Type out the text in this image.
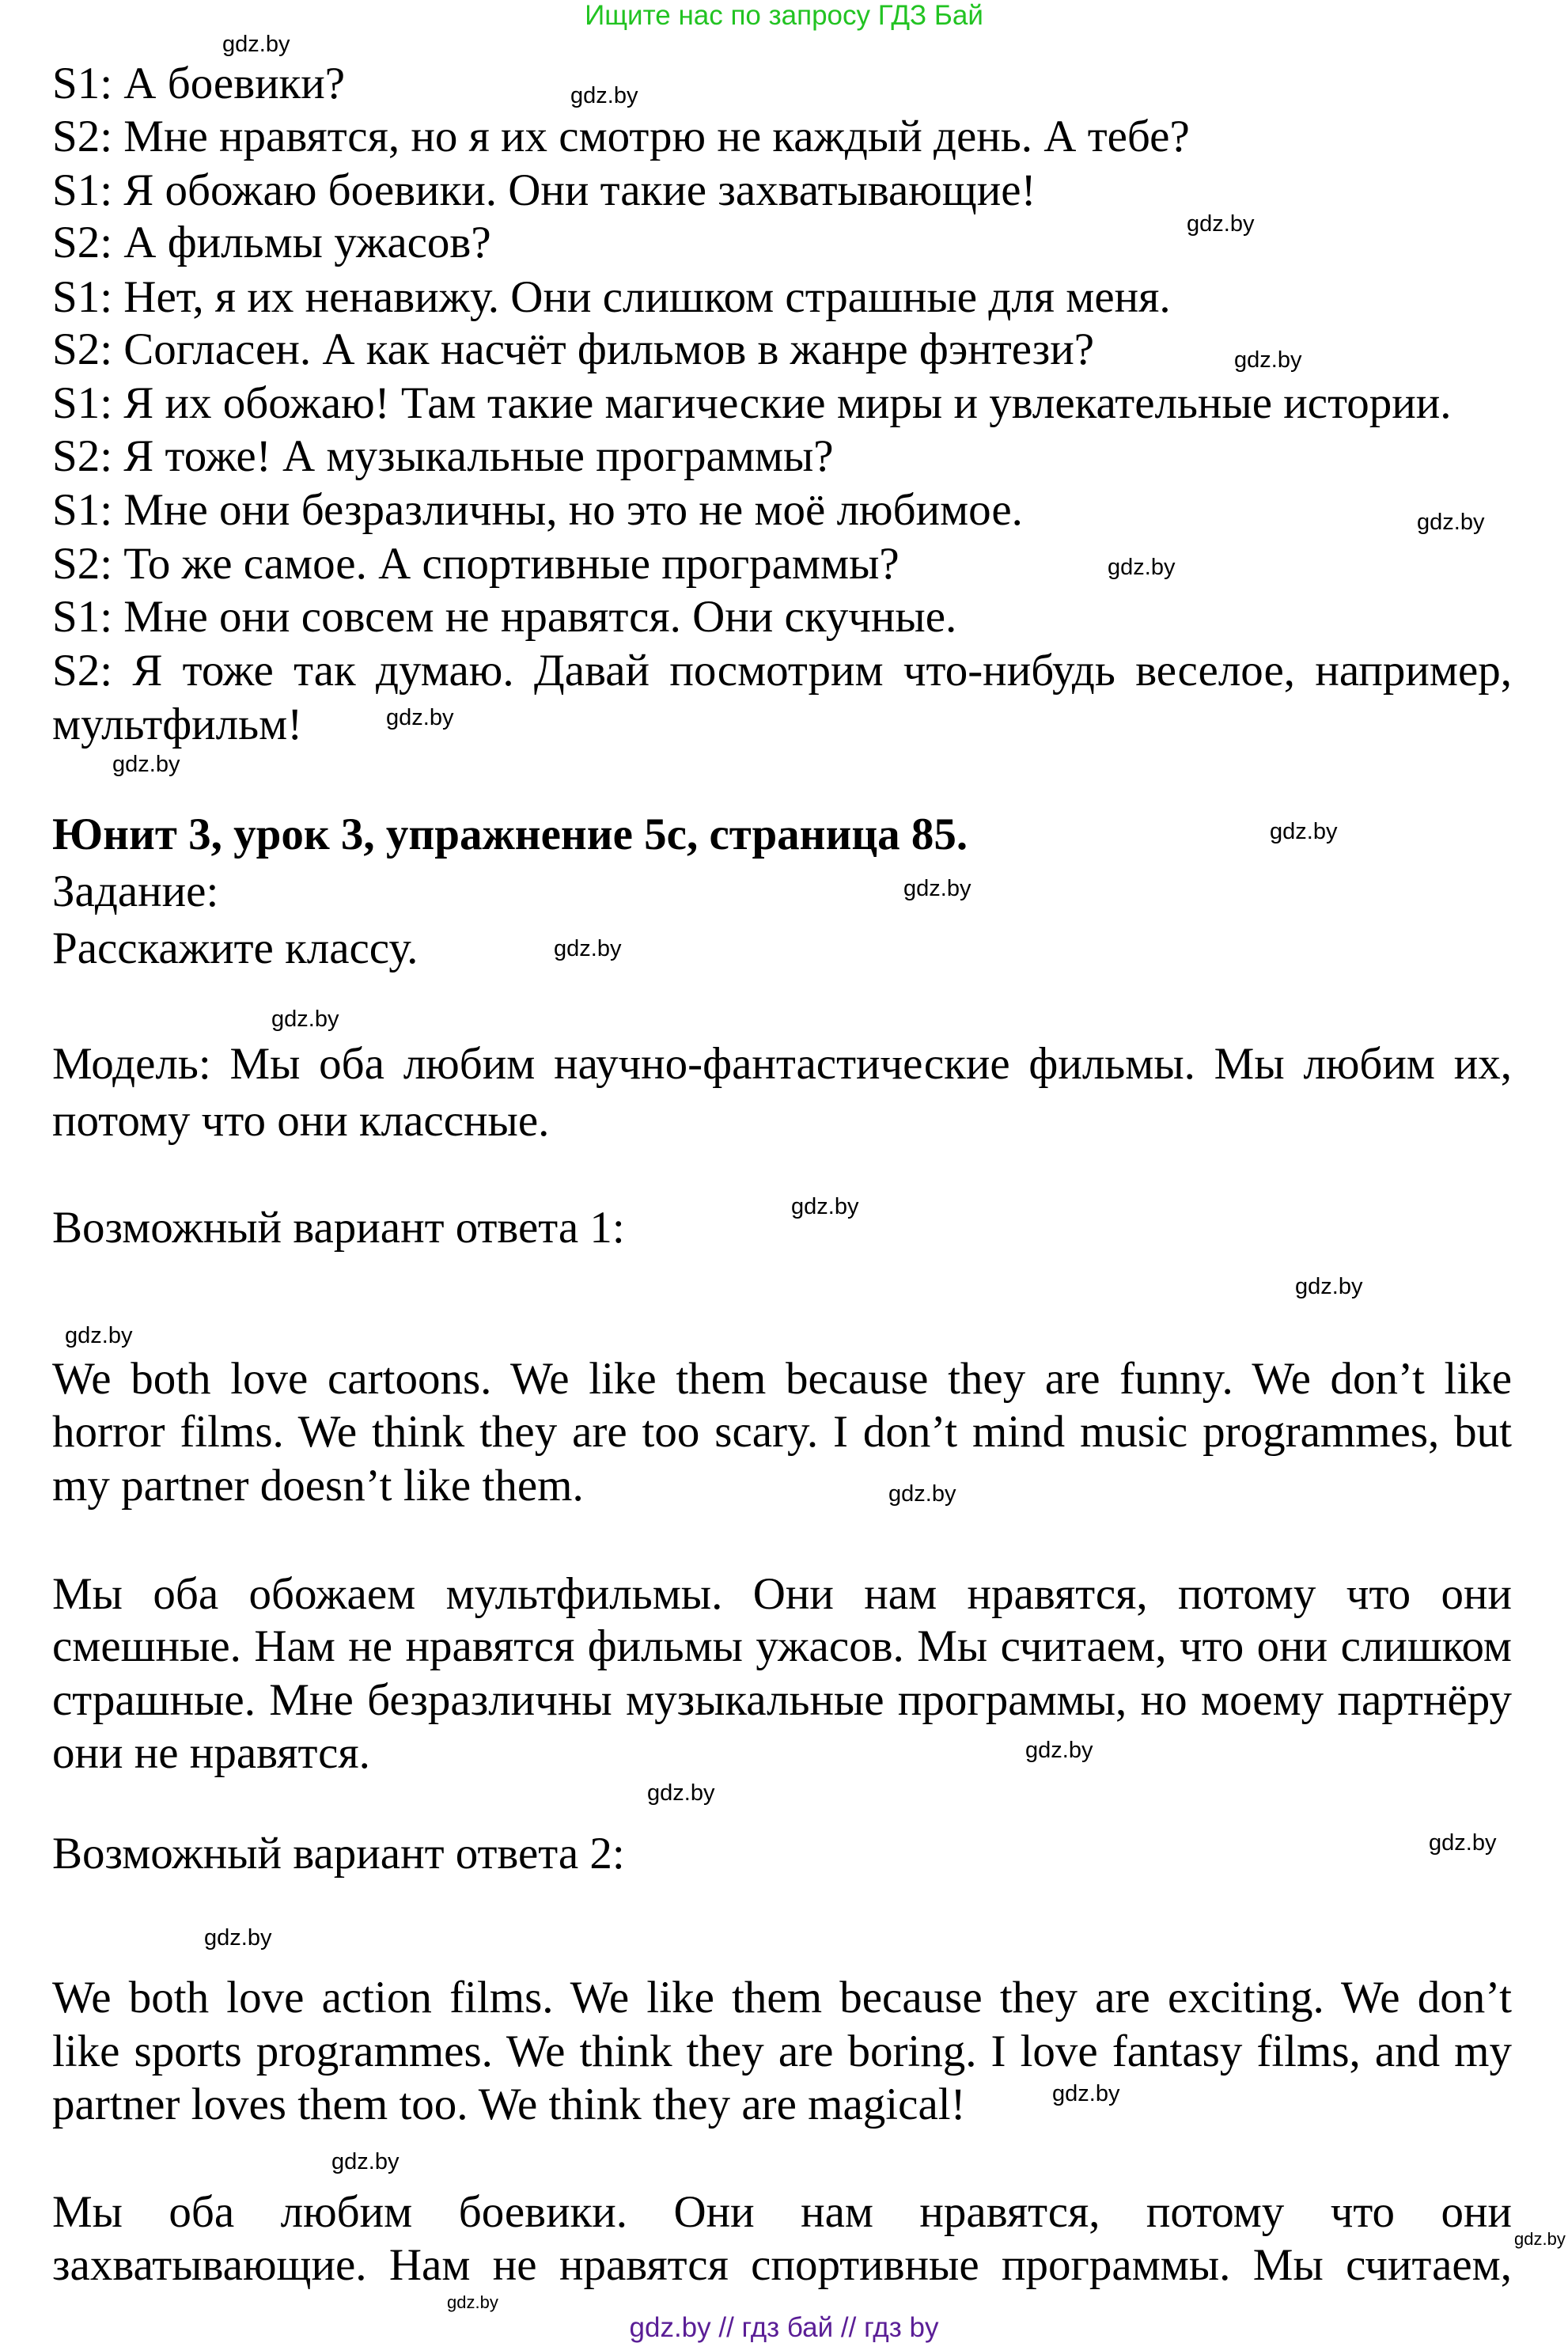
Ищите нас по запросу ГДЗ Бай
S1: А боевики?
S2: Мне нравятся, но я их смотрю не каждый день. А тебе?
S1: Я обожаю боевики. Они такие захватывающие!
S2: А фильмы ужасов?
S1: Нет, я их ненавижу. Они слишком страшные для меня.
S2: Согласен. А как насчёт фильмов в жанре фэнтези?
S1: Я их обожаю! Там такие магические миры и увлекательные истории.
S2: Я тоже! А музыкальные программы?
S1: Мне они безразличны, но это не моё любимое.
S2: То же самое. А спортивные программы?
S1: Мне они совсем не нравятся. Они скучные.
S2: Я тоже так думаю. Давай посмотрим что-нибудь веселое, например,
мультфильм!
Юнит 3, урок 3, упражнение 5c, страница 85.
Задание:
Расскажите классу.
Модель: Мы оба любим научно-фантастические фильмы. Мы любим их,
потому что они классные.
Возможный вариант ответа 1:
We both love cartoons. We like them because they are funny. We don’t like
horror films. We think they are too scary. I don’t mind music programmes, but
my partner doesn’t like them.
Мы оба обожаем мультфильмы. Они нам нравятся, потому что они
смешные. Нам не нравятся фильмы ужасов. Мы считаем, что они слишком
страшные. Мне безразличны музыкальные программы, но моему партнёру
они не нравятся.
Возможный вариант ответа 2:
We both love action films. We like them because they are exciting. We don’t
like sports programmes. We think they are boring. I love fantasy films, and my
partner loves them too. We think they are magical!
Мы оба любим боевики. Они нам нравятся, потому что они
захватывающие. Нам не нравятся спортивные программы. Мы считаем,
gdz.by
gdz.by
gdz.by
gdz.by
gdz.by
gdz.by
gdz.by
gdz.by
gdz.by
gdz.by
gdz.by
gdz.by
gdz.by
gdz.by
gdz.by
gdz.by
gdz.by
gdz.by
gdz.by
gdz.by
gdz.by
gdz.by
gdz.by
gdz.by
gdz.by // гдз бай // гдз by
